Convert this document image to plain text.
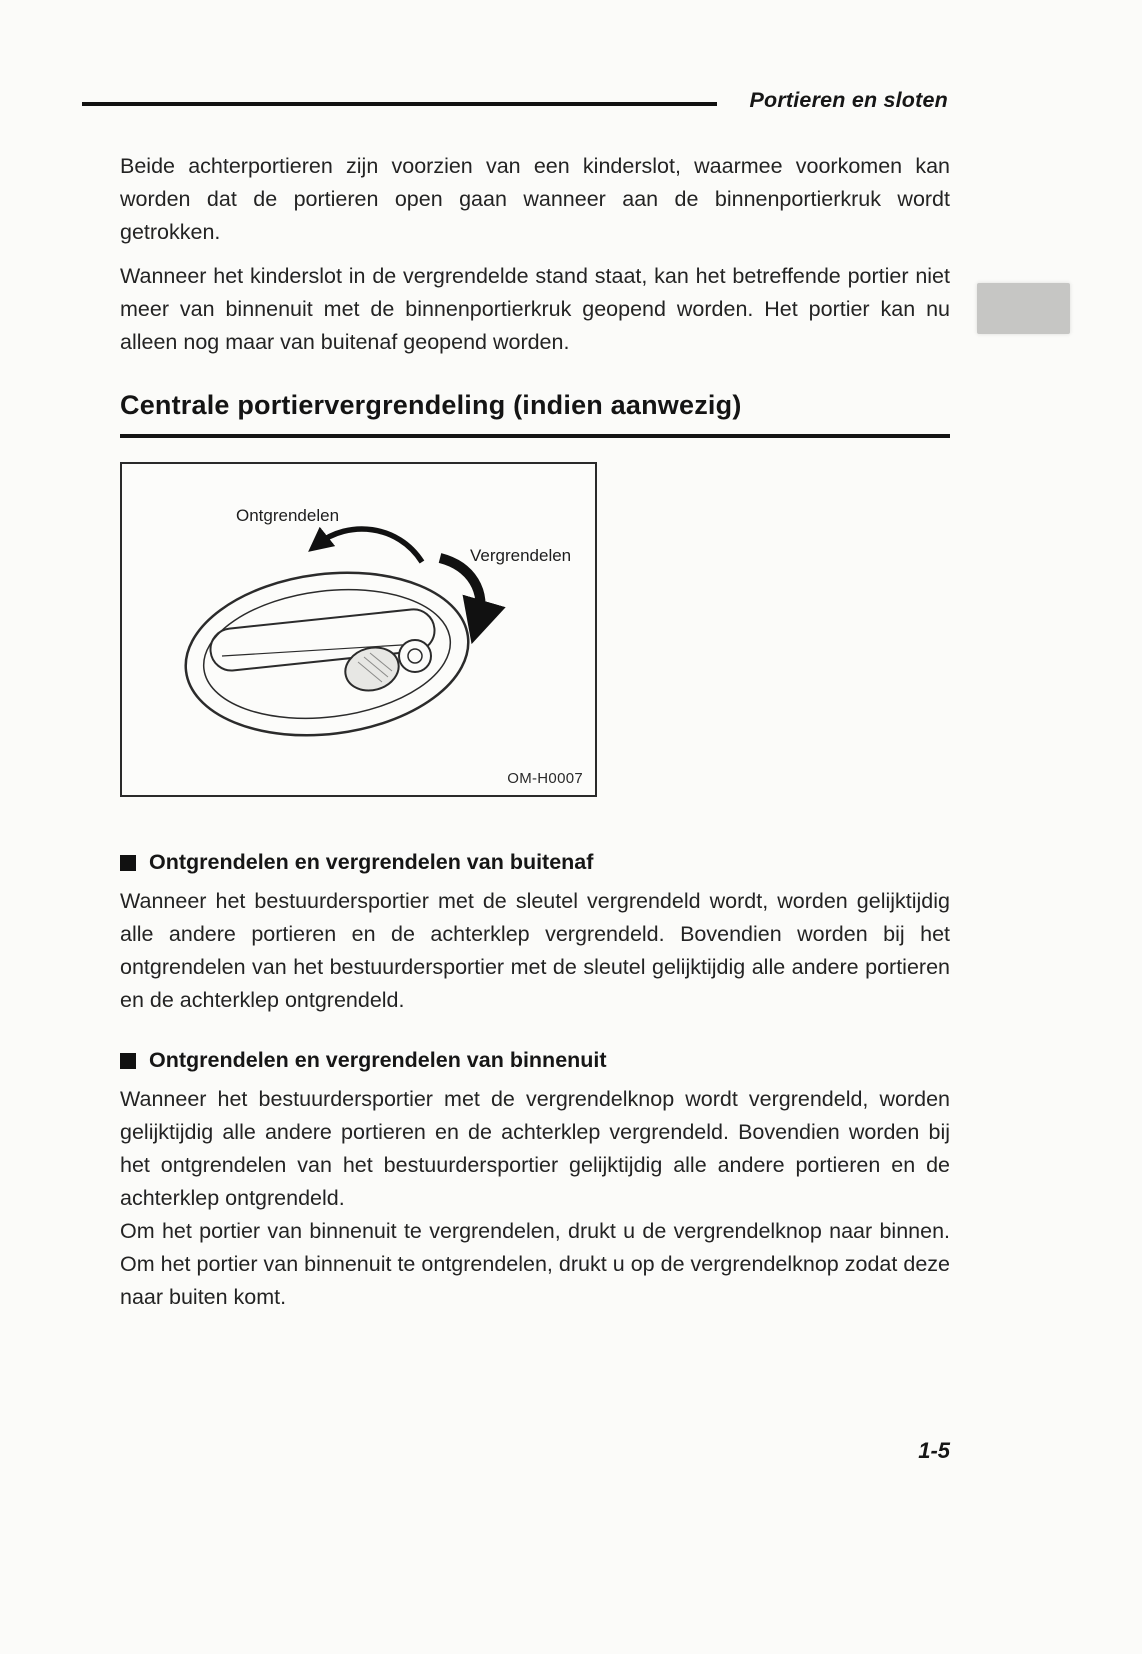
Portieren en sloten

Beide achterportieren zijn voorzien van een kinderslot, waarmee voorkomen kan worden dat de portieren open gaan wanneer aan de binnenportierkruk wordt getrokken.

Wanneer het kinderslot in de vergrendelde stand staat, kan het betreffende portier niet meer van binnenuit met de binnenportierkruk geopend worden. Het portier kan nu alleen nog maar van buitenaf geopend worden.

Centrale portiervergrendeling (indien aanwezig)
Ontgrendelen
Vergrendelen
OM-H0007
Ontgrendelen en vergrendelen van buitenaf

Wanneer het bestuurdersportier met de sleutel vergrendeld wordt, worden gelijktijdig alle andere portieren en de achterklep vergrendeld. Bovendien worden bij het ontgrendelen van het bestuurdersportier met de sleutel gelijktijdig alle andere portieren en de achterklep ontgrendeld.

Ontgrendelen en vergrendelen van binnenuit

Wanneer het bestuurdersportier met de vergrendelknop wordt vergrendeld, worden gelijktijdig alle andere portieren en de achterklep vergrendeld. Bovendien worden bij het ontgrendelen van het bestuurdersportier gelijktijdig alle andere portieren en de achterklep ontgrendeld.

Om het portier van binnenuit te vergrendelen, drukt u de vergrendelknop naar binnen. Om het portier van binnenuit te ontgrendelen, drukt u op de vergrendelknop zodat deze naar buiten komt.

1-5
